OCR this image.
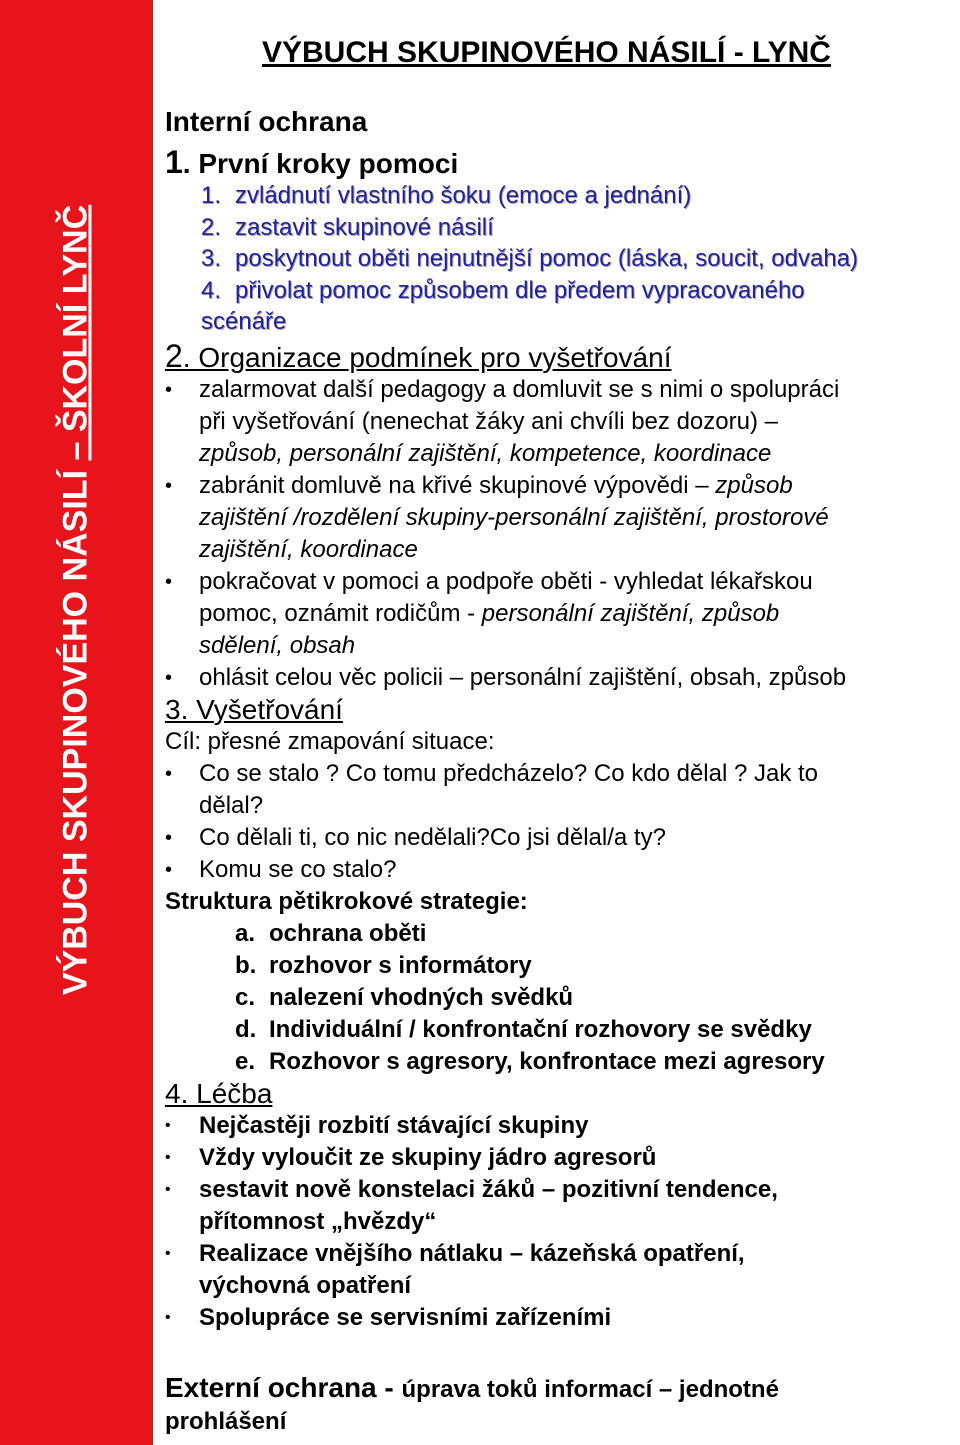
VÝBUCH SKUPINOVÉHO NÁSILÍ – ŠKOLNÍ LYNČ
VÝBUCH SKUPINOVÉHO NÁSILÍ - LYNČ
Interní ochrana
1. První kroky pomoci
1. zvládnutí vlastního šoku (emoce a jednání)
2. zastavit skupinové násilí
3. poskytnout oběti nejnutnější pomoc (láska, soucit, odvaha)
4. přivolat pomoc způsobem dle předem vypracovaného
scénáře
2. Organizace podmínek pro vyšetřování
• zalarmovat další pedagogy a domluvit se s nimi o spolupráci
při vyšetřování (nenechat žáky ani chvíli bez dozoru) –
způsob, personální zajištění, kompetence, koordinace
• zabránit domluvě na křivé skupinové výpovědi – způsob
zajištění /rozdělení skupiny-personální zajištění, prostorové
zajištění, koordinace
• pokračovat v pomoci a podpoře oběti - vyhledat lékařskou
pomoc, oznámit rodičům - personální zajištění, způsob
sdělení, obsah
• ohlásit celou věc policii – personální zajištění, obsah, způsob
3. Vyšetřování
Cíl: přesné zmapování situace:
• Co se stalo ? Co tomu předcházelo? Co kdo dělal ? Jak to
dělal?
• Co dělali ti, co nic nedělali?Co jsi dělal/a ty?
• Komu se co stalo?
Struktura pětikrokové strategie:
a. ochrana oběti
b. rozhovor s informátory
c. nalezení vhodných svědků
d. Individuální / konfrontační rozhovory se svědky
e. Rozhovor s agresory, konfrontace mezi agresory
4. Léčba
• Nejčastěji rozbití stávající skupiny
• Vždy vyloučit ze skupiny jádro agresorů
• sestavit nově konstelaci žáků – pozitivní tendence,
přítomnost „hvězdy“
• Realizace vnějšího nátlaku – kázeňská opatření,
výchovná opatření
• Spolupráce se servisními zařízeními
Externí ochrana - úprava toků informací – jednotné
prohlášení
